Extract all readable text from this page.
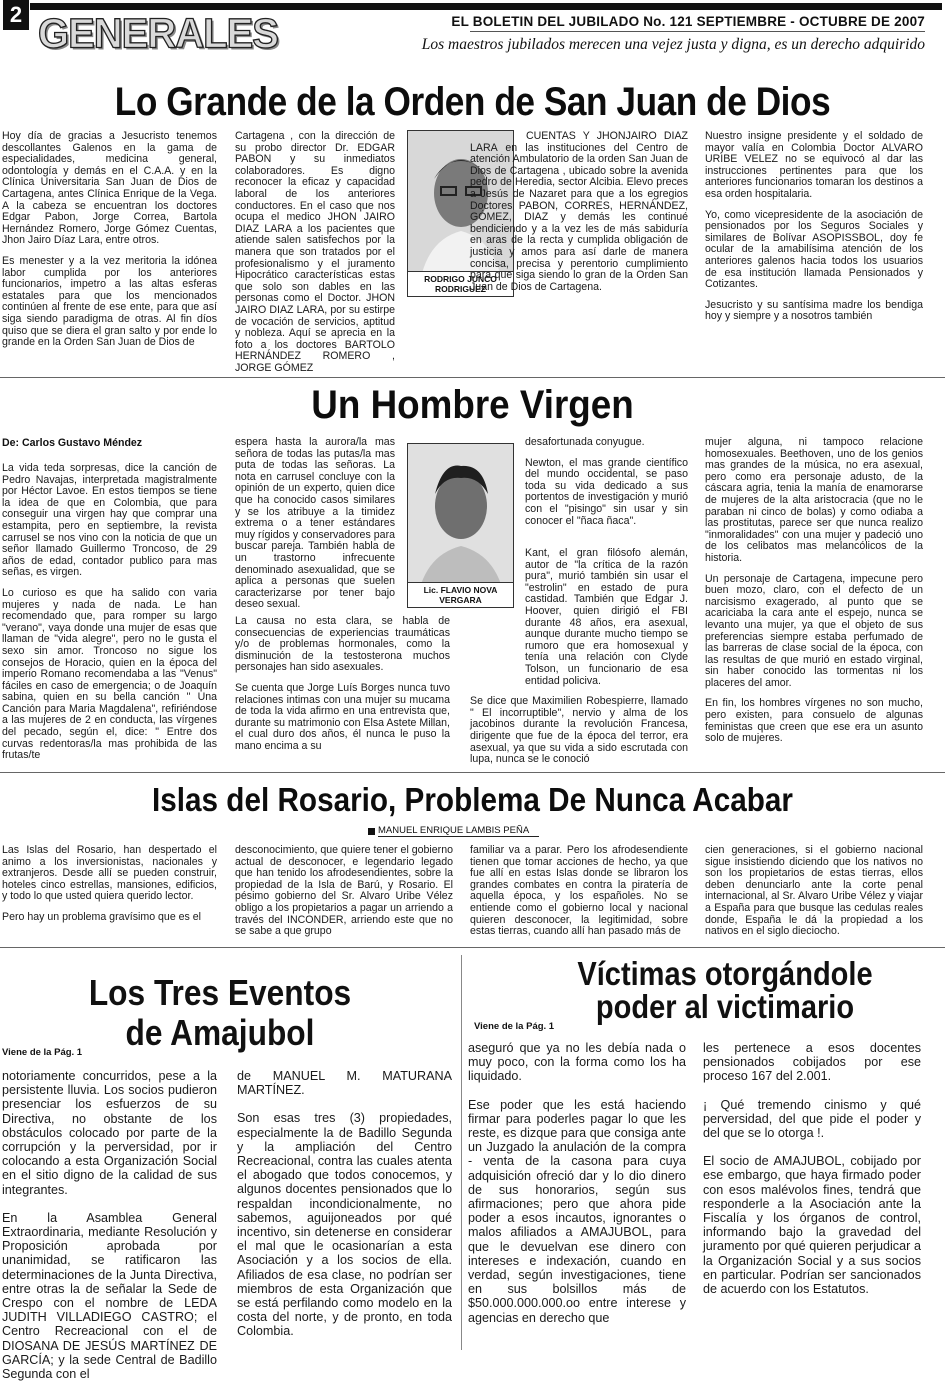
2 GENERALES	EL BOLETIN DEL JUBILADO No. 121 SEPTIEMBRE - OCTUBRE DE 2007
Los maestros jubilados merecen una vejez justa y digna, es un derecho adquirido
Lo Grande de la Orden de San Juan de Dios

Hoy día de gracias a Jesucristo tenemos descollantes Galenos en la gama de especialidades, medicina general, odontología y demás en el C.A.A. y en la Clínica Universitaria San Juan de Dios de Cartagena, antes Clínica Enrique de la Vega. A la cabeza se encuentran los doctores Edgar Pabon, Jorge Correa, Bartola Hernández Romero, Jorge Gómez Cuentas, Jhon Jairo Díaz Lara, entre otros.

Es menester y a la vez meritoria la idónea labor cumplida por los anteriores funcionarios, impetro a las altas esferas estatales para que los mencionados continúen al frente de ese ente, para que así siga siendo paradigma de otras. Al fin díos quiso que se diera el gran salto y por ende lo grande en la Orden San Juan de Dios de

Cartagena , con la dirección de su probo director Dr. EDGAR PABON y su inmediatos colaboradores. Es digno reconocer la eficaz y capacidad laboral de los anteriores conductores. En el caso que nos ocupa el medico JHON JAIRO DIAZ LARA a los pacientes que atiende salen satisfechos por la manera que son tratados por el profesionalismo y el juramento Hipocrático características estas que solo son dables en las personas como el Doctor. JHON JAIRO DIAZ LARA, por su estirpe de vocación de servicios, aptitud y nobleza. Aquí se aprecia en la foto a los doctores BARTOLO HERNÁNDEZ ROMERO , JORGE GÓMEZ

RODRIGO JUNCO RODRIGUEZ

CUENTAS Y JHONJAIRO DIAZ LARA en las instituciones del Centro de atención Ambulatorio de la orden San Juan de Dios de Cartagena , ubicado sobre la avenida pedro de Heredia, sector Alcibia. Elevo preces a Jesús de Nazaret para que a los egregios Doctores PABON, CORRES, HERNÁNDEZ, GÓMEZ, DIAZ y demás les continué bendiciendo y a la vez les de más sabiduría en aras de la recta y cumplida obligación de justicia y amos para así darle de manera concisa, precisa y perentorio cumplimiento para que siga siendo lo gran de la Orden San Juan de Dios de Cartagena.

Nuestro insigne presidente y el soldado de mayor valía en Colombia Doctor ALVARO URIBE VELEZ no se equivocó al dar las instrucciones pertinentes para que los anteriores funcionarios tomaran los destinos a esa orden hospitalaria.

Yo, como vicepresidente de la asociación de pensionados por los Seguros Sociales y similares de Bolívar ASOPISSBOL, doy fe ocular de la amabilísima atención de los anteriores galenos hacia todos los usuarios de esa institución llamada Pensionados y Cotizantes.

Jesucristo y su santísima madre los bendiga hoy y siempre y a nosotros también

Un Hombre Virgen
De: Carlos Gustavo Méndez

La vida teda sorpresas, dice la canción de Pedro Navajas, interpretada magistralmente por Héctor Lavoe. En estos tiempos se tiene la idea de que en Colombia, que para conseguir una virgen hay que comprar una estampita, pero en septiembre, la revista carrusel se nos vino con la noticia de que un señor llamado Guillermo Troncoso, de 29 años de edad, contador publico para mas señas, es virgen.

Lo curioso es que ha salido con varia mujeres y nada de nada. Le han recomendado que, para romper su largo "verano", vaya donde una mujer de esas que llaman de "vida alegre", pero no le gusta el sexo sin amor. Troncoso no sigue los consejos de Horacio, quien en la época del imperio Romano recomendaba a las "Venus" fáciles en caso de emergencia; o de Joaquín sabina, quien en su bella canción " Una Canción para Maria Magdalena", refiriéndose a las mujeres de 2 en conducta, las vírgenes del pecado, según el, dice: " Entre dos curvas redentoras/la mas prohibida de las frutas/te

espera hasta la aurora/la mas señora de todas las putas/la mas puta de todas las señoras. La nota en carrusel concluye con la opinión de un experto, quien dice que ha conocido casos similares y se los atribuye a la timidez extrema o a tener estándares muy rígidos y conservadores para buscar pareja. También habla de un trastorno infrecuente denominado asexualidad, que se aplica a personas que suelen caracterizarse por tener bajo deseo sexual.

Lic. FLAVIO NOVA VERGARA

La causa no esta clara, se habla de consecuencias de experiencias traumáticas y/o de problemas hormonales, como la disminución de la testosterona muchos personajes han sido asexuales.

Se cuenta que Jorge Luís Borges nunca tuvo relaciones intimas con una mujer su mucama de toda la vida afirmo en una entrevista que, durante su matrimonio con Elsa Astete Millan, el cual duro dos años, él nunca le puso la mano encima a su

desafortunada conyugue.

Newton, el mas grande científico del mundo occidental, se paso toda su vida dedicado a sus portentos de investigación y murió con el "pisingo" sin usar y sin conocer el "ñaca ñaca".

Kant, el gran filósofo alemán, autor de "la crítica de la razón pura", murió también sin usar el "estrolin" en estado de pura castidad. También que Edgar J. Hoover, quien dirigió el FBI durante 48 años, era asexual, aunque durante mucho tiempo se rumoro que era homosexual y tenía una relación con Clyde Tolson, un funcionario de esa entidad policiva.

Se dice que Maximilien Robespierre, llamado " El incorruptible", nervio y alma de los jacobinos durante la revolución Francesa, dirigente que fue de la época del terror, era asexual, ya que su vida a sido escrutada con lupa, nunca se le conoció

mujer alguna, ni tampoco relacione homosexuales. Beethoven, uno de los genios mas grandes de la música, no era asexual, pero como era personaje adusto, de la cáscara agria, tenia la manía de enamorarse de mujeres de la alta aristocracia (que no le paraban ni cinco de bolas) y como odiaba a las prostitutas, parece ser que nunca realizo "inmoralidades" con una mujer y padeció uno de los celibatos mas melancólicos de la historia.

Un personaje de Cartagena, impecune pero buen mozo, claro, con el defecto de un narcisismo exagerado, al punto que se acariciaba la cara ante el espejo, nunca se levanto una mujer, ya que el objeto de sus preferencias siempre estaba perfumado de las barreras de clase social de la época, con las resultas de que murió en estado virginal, sin haber conocido las tormentas ni los placeres del amor.

En fin, los hombres vírgenes no son mucho, pero existen, para consuelo de algunas feministas que creen que ese era un asunto solo de mujeres.

Islas del Rosario, Problema De Nunca Acabar
MANUEL ENRIQUE LAMBIS PEÑA

Las Islas del Rosario, han despertado el animo a los inversionistas, nacionales y extranjeros. Desde allí se pueden construir, hoteles cinco estrellas, mansiones, edificios, y todo lo que usted quiera querido lector.

Pero hay un problema gravísimo que es el

desconocimiento, que quiere tener el gobierno actual de desconocer, e legendario legado que han tenido los afrodesendientes, sobre la propiedad de la Isla de Barú, y Rosario. El pésimo gobierno del Sr. Alvaro Uribe Vélez obligo a los propietarios a pagar un arriendo a través del INCONDER, arriendo este que no se sabe a que grupo

familiar va a parar. Pero los afrodesendiente tienen que tomar acciones de hecho, ya que fue allí en estas Islas donde se libraron los grandes combates en contra la piratería de aquella época, y los españoles. No se entiende como el gobierno local y nacional quieren desconocer, la legitimidad, sobre estas tierras, cuando allí han pasado más de

cien generaciones, si el gobierno nacional sigue insistiendo diciendo que los nativos no son los propietarios de estas tierras, ellos deben denunciarlo ante la corte penal internacional, al Sr. Alvaro Uribe Vélez y viajar a España para que busque las cedulas reales donde, España le dá la propiedad a los nativos en el siglo dieciocho.

Los Tres Eventos
de Amajubol
Viene de la Pág. 1

notoriamente concurridos, pese a la persistente lluvia. Los socios pudieron presenciar los esfuerzos de su Directiva, no obstante de los obstáculos colocado por parte de la corrupción y la perversidad, por ir colocando a esta Organización Social en el sitio digno de la calidad de sus integrantes.

En la Asamblea General Extraordinaria, mediante Resolución y Proposición aprobada por unanimidad, se ratificaron las determinaciones de la Junta Directiva, entre otras la de señalar la Sede de Crespo con el nombre de LEDA JUDITH VILLADIEGO CASTRO; el Centro Recreacional con el de DIOSANA DE JESÚS MARTÍNEZ DE GARCÍA; y la sede Central de Badillo Segunda con el

de MANUEL M. MATURANA MARTÍNEZ.

Son esas tres (3) propiedades, especialmente la de Badillo Segunda y la ampliación del Centro Recreacional, contra las cuales atenta el abogado que todos conocemos, y algunos docentes pensionados que lo respaldan incondicionalmente, no sabemos, aguijoneados por qué incentivo, sin detenerse en considerar el mal que le ocasionarían a esta Asociación y a los socios de ella. Afiliados de esa clase, no podrían ser miembros de esta Organización que se está perfilando como modelo en la costa del norte, y de pronto, en toda Colombia.

Víctimas otorgándole
poder al victimario
Viene de la Pág. 1

aseguró que ya no les debía nada o muy poco, con la forma como los ha liquidado.

Ese poder que les está haciendo firmar para poderles pagar lo que les reste, es dizque para que consiga ante un Juzgado la anulación de la compra - venta de la casona para cuya adquisición ofreció dar y lo dio dinero de sus honorarios, según sus afirmaciones; pero que ahora pide poder a esos incautos, ignorantes o malos afiliados a AMAJUBOL, para que le devuelvan ese dinero con intereses e indexación, cuando en verdad, según investigaciones, tiene en sus bolsillos más de $50.000.000.000.oo entre interese y agencias en derecho que

les pertenece a esos docentes pensionados cobijados por ese proceso 167 del 2.001.

¡ Qué tremendo cinismo y qué perversidad, del que pide el poder y del que se lo otorga !.

El socio de AMAJUBOL, cobijado por ese embargo, que haya firmado poder con esos malévolos fines, tendrá que responderle a la Asociación ante la Fiscalía y los órganos de control, informando bajo la gravedad del juramento por qué quieren perjudicar a la Organización Social y a sus socios en particular. Podrían ser sancionados de acuerdo con los Estatutos.
